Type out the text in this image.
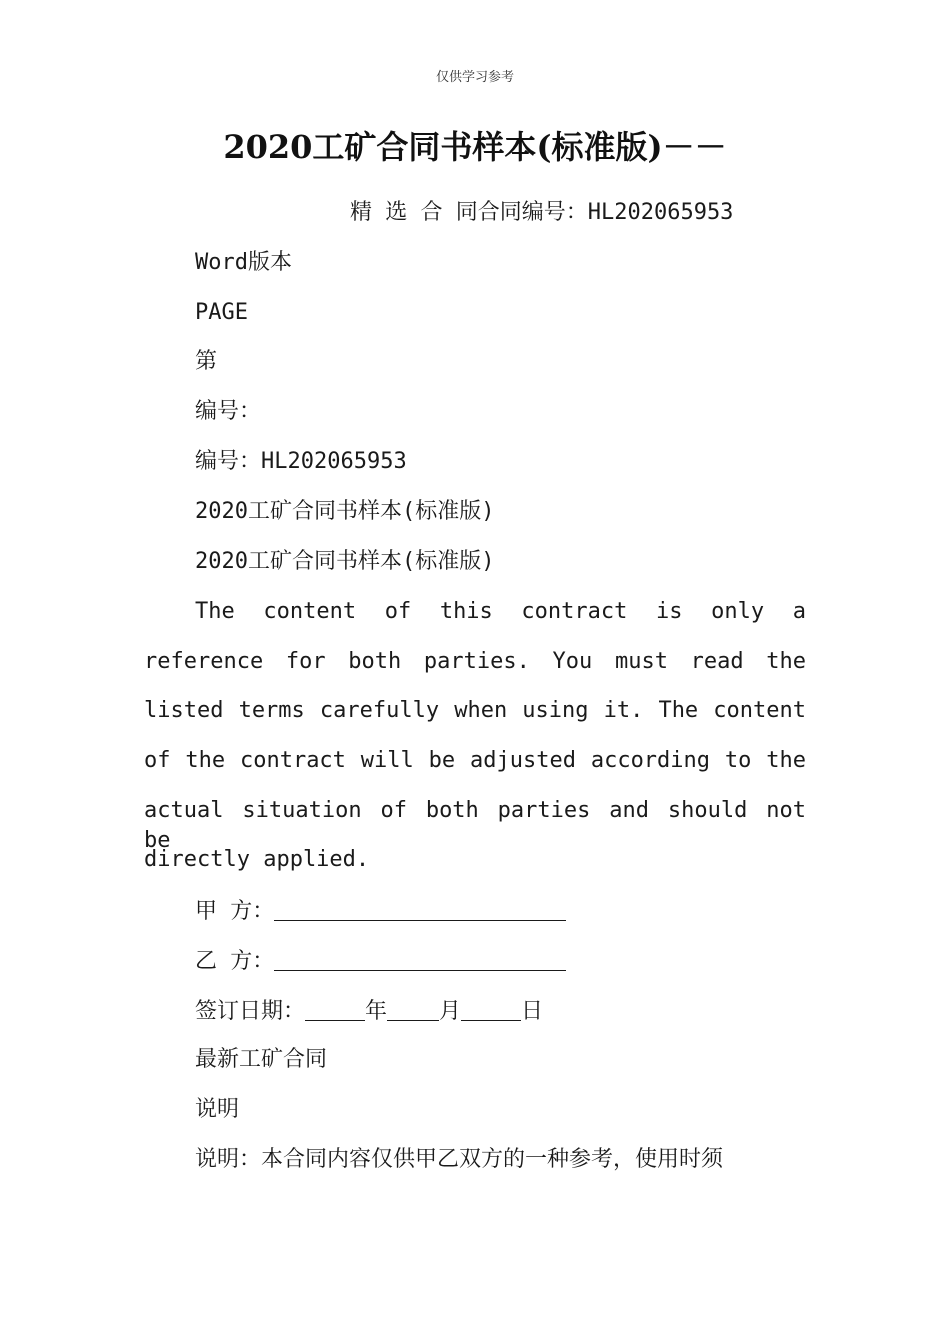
仅供学习参考
2020工矿合同书样本(标准版)－－
精 选 合 同合同编号：HL202065953
Word版本
PAGE
第
编号：
编号：HL202065953
2020工矿合同书样本(标准版)
2020工矿合同书样本(标准版)
The content of this contract is only a
reference for both parties. You must read the
listed terms carefully when using it. The content
of the contract will be adjusted according to the
actual situation of both parties and should not be
directly applied.
甲 方：
乙 方：
签订日期：	年 月	日
最新工矿合同
说明
说明：本合同内容仅供甲乙双方的一种参考，使用时须
